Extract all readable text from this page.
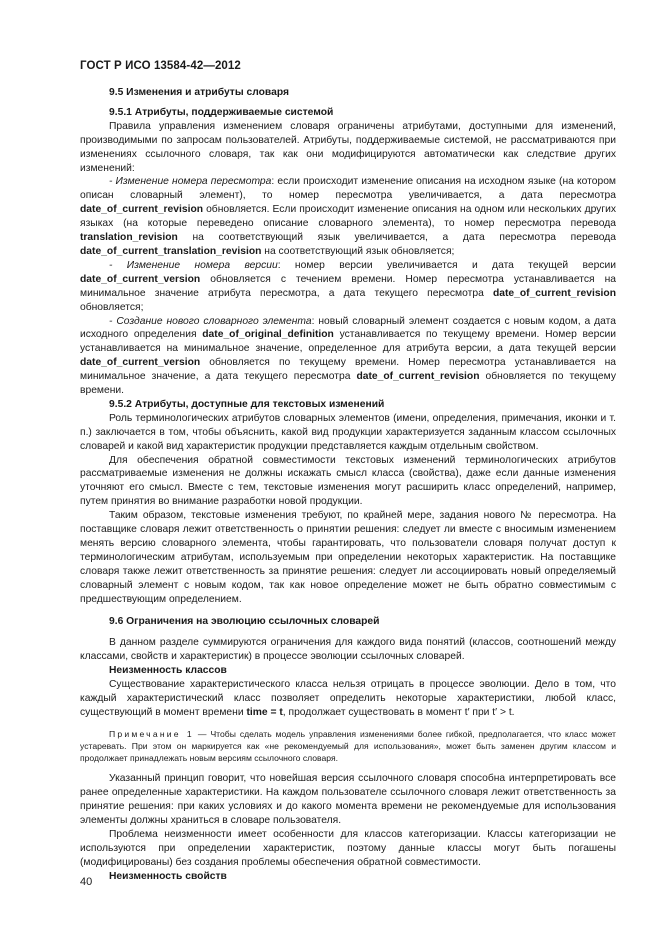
ГОСТ Р ИСО 13584-42—2012

9.5 Изменения и атрибуты словаря

9.5.1 Атрибуты, поддерживаемые системой

Правила управления изменением словаря ограничены атрибутами, доступными для изменений, производимыми по запросам пользователей. Атрибуты, поддерживаемые системой, не рассматриваются при изменениях ссылочного словаря, так как они модифицируются автоматически как следствие других изменений:

- Изменение номера пересмотра: если происходит изменение описания на исходном языке (на котором описан словарный элемент), то номер пересмотра увеличивается, а дата пересмотра date_of_current_revision обновляется. Если происходит изменение описания на одном или нескольких других языках (на которые переведено описание словарного элемента), то номер пересмотра перевода translation_revision на соответствующий язык увеличивается, а дата пересмотра перевода date_of_current_translation_revision на соответствующий язык обновляется;

- Изменение номера версии: номер версии увеличивается и дата текущей версии date_of_current_version обновляется с течением времени. Номер пересмотра устанавливается на минимальное значение атрибута пересмотра, а дата текущего пересмотра date_of_current_revision обновляется;

- Создание нового словарного элемента: новый словарный элемент создается с новым кодом, а дата исходного определения date_of_original_definition устанавливается по текущему времени. Номер версии устанавливается на минимальное значение, определенное для атрибута версии, а дата текущей версии date_of_current_version обновляется по текущему времени. Номер пересмотра устанавливается на минимальное значение, а дата текущего пересмотра date_of_current_revision обновляется по текущему времени.

9.5.2 Атрибуты, доступные для текстовых изменений

Роль терминологических атрибутов словарных элементов (имени, определения, примечания, иконки и т. п.) заключается в том, чтобы объяснить, какой вид продукции характеризуется заданным классом ссылочных словарей и какой вид характеристик продукции представляется каждым отдельным свойством.

Для обеспечения обратной совместимости текстовых изменений терминологических атрибутов рассматриваемые изменения не должны искажать смысл класса (свойства), даже если данные изменения уточняют его смысл. Вместе с тем, текстовые изменения могут расширить класс определений, например, путем принятия во внимание разработки новой продукции.

Таким образом, текстовые изменения требуют, по крайней мере, задания нового № пересмотра. На поставщике словаря лежит ответственность о принятии решения: следует ли вместе с вносимым изменением менять версию словарного элемента, чтобы гарантировать, что пользователи словаря получат доступ к терминологическим атрибутам, используемым при определении некоторых характеристик. На поставщике словаря также лежит ответственность за принятие решения: следует ли ассоциировать новый определяемый словарный элемент с новым кодом, так как новое определение может не быть обратно совместимым с предшествующим определением.

9.6 Ограничения на эволюцию ссылочных словарей

В данном разделе суммируются ограничения для каждого вида понятий (классов, соотношений между классами, свойств и характеристик) в процессе эволюции ссылочных словарей.

Неизменность классов

Существование характеристического класса нельзя отрицать в процессе эволюции. Дело в том, что каждый характеристический класс позволяет определить некоторые характеристики, любой класс, существующий в момент времени time = t, продолжает существовать в момент t′ при t′ > t.

Примечание 1 — Чтобы сделать модель управления изменениями более гибкой, предполагается, что класс может устаревать. При этом он маркируется как «не рекомендуемый для использования», может быть заменен другим классом и продолжает принадлежать новым версиям ссылочного словаря.

Указанный принцип говорит, что новейшая версия ссылочного словаря способна интерпретировать все ранее определенные характеристики. На каждом пользователе ссылочного словаря лежит ответственность за принятие решения: при каких условиях и до какого момента времени не рекомендуемые для использования элементы должны храниться в словаре пользователя.

Проблема неизменности имеет особенности для классов категоризации. Классы категоризации не используются при определении характеристик, поэтому данные классы могут быть погашены (модифицированы) без создания проблемы обеспечения обратной совместимости.

Неизменность свойств

40
